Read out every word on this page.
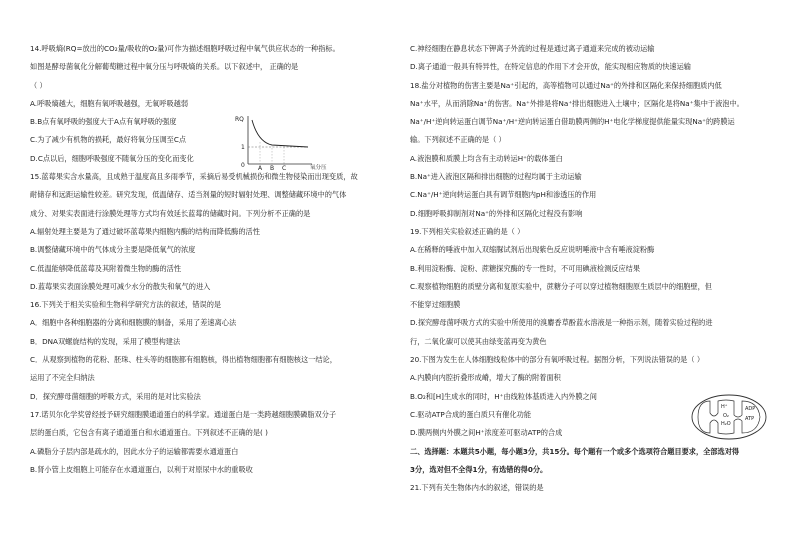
14.呼吸熵(RQ=放出的CO₂量/吸收的O₂量)可作为描述细胞呼吸过程中氧气供应状态的一种指标。
如图是酵母菌氧化分解葡萄糖过程中氧分压与呼吸熵的关系。以下叙述中， 正确的是
（ ）
A.呼吸熵越大，细胞有氧呼吸越强，无氧呼吸越弱
B.B点有氧呼吸的强度大于A点有氧呼吸的强度
C.为了减少有机物的损耗，最好将氧分压调至C点
D.C点以后，细胞呼吸强度不随氧分压的变化而变化
15.蓝莓果实含水量高，且成熟于温度高且多雨季节，采摘后易受机械损伤和微生物侵染而出现变质，故
耐储存和远距运输性较差。研究发现，低温储存、适当剂量的短时辐射处理、调整储藏环境中的气体
成分、对果实表面进行涂膜处理等方式均有效延长蓝莓的储藏时间。下列分析不正确的是
A.辐射处理主要是为了通过破坏蓝莓果内细胞内酶的结构而降低酶的活性
B.调整储藏环境中的气体成分主要是降低氧气的浓度
C.低温能够降低蓝莓及其附着微生物的酶的活性
D.蓝莓果实表面涂膜处理可减少水分的散失和氧气的进入
16.下列关于相关实验和生物科学研究方法的叙述，错误的是
A．细胞中各种细胞器的分离和细胞膜的制备，采用了差速离心法
B．DNA双螺旋结构的发现，采用了模型构建法
C．从观察到植物的花粉、胚珠、柱头等的细胞都有细胞核，得出植物细胞都有细胞核这一结论，
运用了不完全归纳法
D．探究酵母菌细胞的呼吸方式，采用的是对比实验法
17.诺贝尔化学奖曾经授予研究细胞膜通道蛋白的科学家。通道蛋白是一类跨越细胞膜磷脂双分子
层的蛋白质，它包含有离子通道蛋白和水通道蛋白。下列叙述不正确的是( )
A.磷脂分子层内部是疏水的，因此水分子的运输都需要水通道蛋白
B.肾小管上皮细胞上可能存在水通道蛋白，以利于对原尿中水的重吸收
C.神经细胞在静息状态下钾离子外流的过程是通过离子通道来完成的被动运输
D.离子通道一般具有特异性，在特定信息的作用下才会开放，能实现相应物质的快速运输
18.盐分对植物的伤害主要是Na⁺引起的，高等植物可以通过Na⁺的外排和区隔化来保持细胞质内低
Na⁺水平，从而消除Na⁺的伤害。Na⁺外排是将Na⁺排出细胞进入土壤中；区隔化是将Na⁺集中于液泡中。
Na⁺/H⁺逆向转运蛋白调节Na⁺/H⁺逆向转运蛋白借助膜两侧的H⁺电化学梯度提供能量实现Na⁺的跨膜运
输。下列叙述不正确的是（ ）
A.液泡膜和质膜上均含有主动转运H⁺的载体蛋白
B.Na⁺进入液泡区隔和排出细胞的过程均属于主动运输
C.Na⁺/H⁺逆向转运蛋白具有调节细胞内pH和渗透压的作用
D.细胞呼吸抑制剂对Na⁺的外排和区隔化过程没有影响
19.下列相关实验叙述正确的是（ ）
A.在稀释的唾液中加入双缩脲试剂后出现紫色反应说明唾液中含有唾液淀粉酶
B.利用淀粉酶、淀粉、蔗糖探究酶的专一性时，不可用碘液检测反应结果
C.观察植物细胞的质壁分离和复原实验中，蔗糖分子可以穿过植物细胞原生质层中的细胞壁，但
不能穿过细胞膜
D.探究酵母菌呼吸方式的实验中所使用的溴麝香草酚蓝水溶液是一种指示剂，随着实验过程的进
行，二氧化碳可以使其由绿变蓝再变为黄色
20.下图为发生在人体细胞线粒体中的部分有氧呼吸过程。据图分析，下列说法错误的是（ ）
A.内膜向内腔折叠形成嵴，增大了酶的附着面积
B.O₂和[H]生成水的同时，H⁺由线粒体基质进入内外膜之间
C.驱动ATP合成的蛋白质只有催化功能
D.膜两侧内外膜之间H⁺浓度差可驱动ATP的合成
二、选择题：本题共5小题，每小题3分，共15分。每个题有一个或多个选项符合题目要求，全部选对得
3分，选对但不全得1分，有选错的得0分。
21.下列有关生物体内水的叙述，错误的是
RQ
1
0 A B C	氧分压
H⁺
O₂
H₂O
ADP
ATP
